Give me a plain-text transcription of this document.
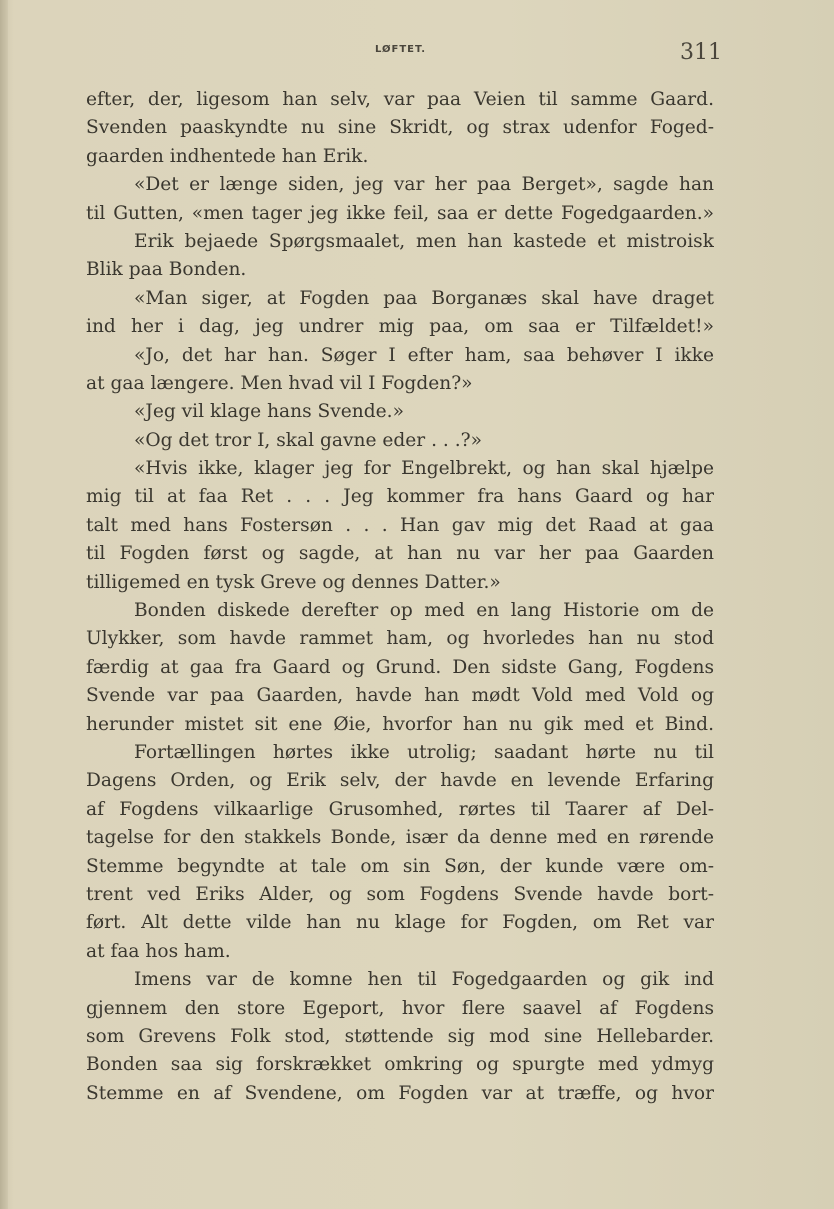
LØFTET.	311
efter, der, ligesom han selv, var paa Veien til samme Gaard.
Svenden paaskyndte nu sine Skridt, og strax udenfor Foged-
gaarden indhentede han Erik.
«Det er længe siden, jeg var her paa Berget», sagde han
til Gutten, «men tager jeg ikke feil, saa er dette Fogedgaarden.»
Erik bejaede Spørgsmaalet, men han kastede et mistroisk
Blik paa Bonden.
«Man siger, at Fogden paa Borganæs skal have draget
ind her i dag, jeg undrer mig paa, om saa er Tilfældet!»
«Jo, det har han. Søger I efter ham, saa behøver I ikke
at gaa længere. Men hvad vil I Fogden?»
«Jeg vil klage hans Svende.»
«Og det tror I, skal gavne eder . . .?»
«Hvis ikke, klager jeg for Engelbrekt, og han skal hjælpe
mig til at faa Ret . . . Jeg kommer fra hans Gaard og har
talt med hans Fostersøn . . . Han gav mig det Raad at gaa
til Fogden først og sagde, at han nu var her paa Gaarden
tilligemed en tysk Greve og dennes Datter.»
Bonden diskede derefter op med en lang Historie om de
Ulykker, som havde rammet ham, og hvorledes han nu stod
færdig at gaa fra Gaard og Grund. Den sidste Gang, Fogdens
Svende var paa Gaarden, havde han mødt Vold med Vold og
herunder mistet sit ene Øie, hvorfor han nu gik med et Bind.
Fortællingen hørtes ikke utrolig; saadant hørte nu til
Dagens Orden, og Erik selv, der havde en levende Erfaring
af Fogdens vilkaarlige Grusomhed, rørtes til Taarer af Del-
tagelse for den stakkels Bonde, især da denne med en rørende
Stemme begyndte at tale om sin Søn, der kunde være om-
trent ved Eriks Alder, og som Fogdens Svende havde bort-
ført. Alt dette vilde han nu klage for Fogden, om Ret var
at faa hos ham.
Imens var de komne hen til Fogedgaarden og gik ind
gjennem den store Egeport, hvor flere saavel af Fogdens
som Grevens Folk stod, støttende sig mod sine Hellebarder.
Bonden saa sig forskrækket omkring og spurgte med ydmyg
Stemme en af Svendene, om Fogden var at træffe, og hvor
